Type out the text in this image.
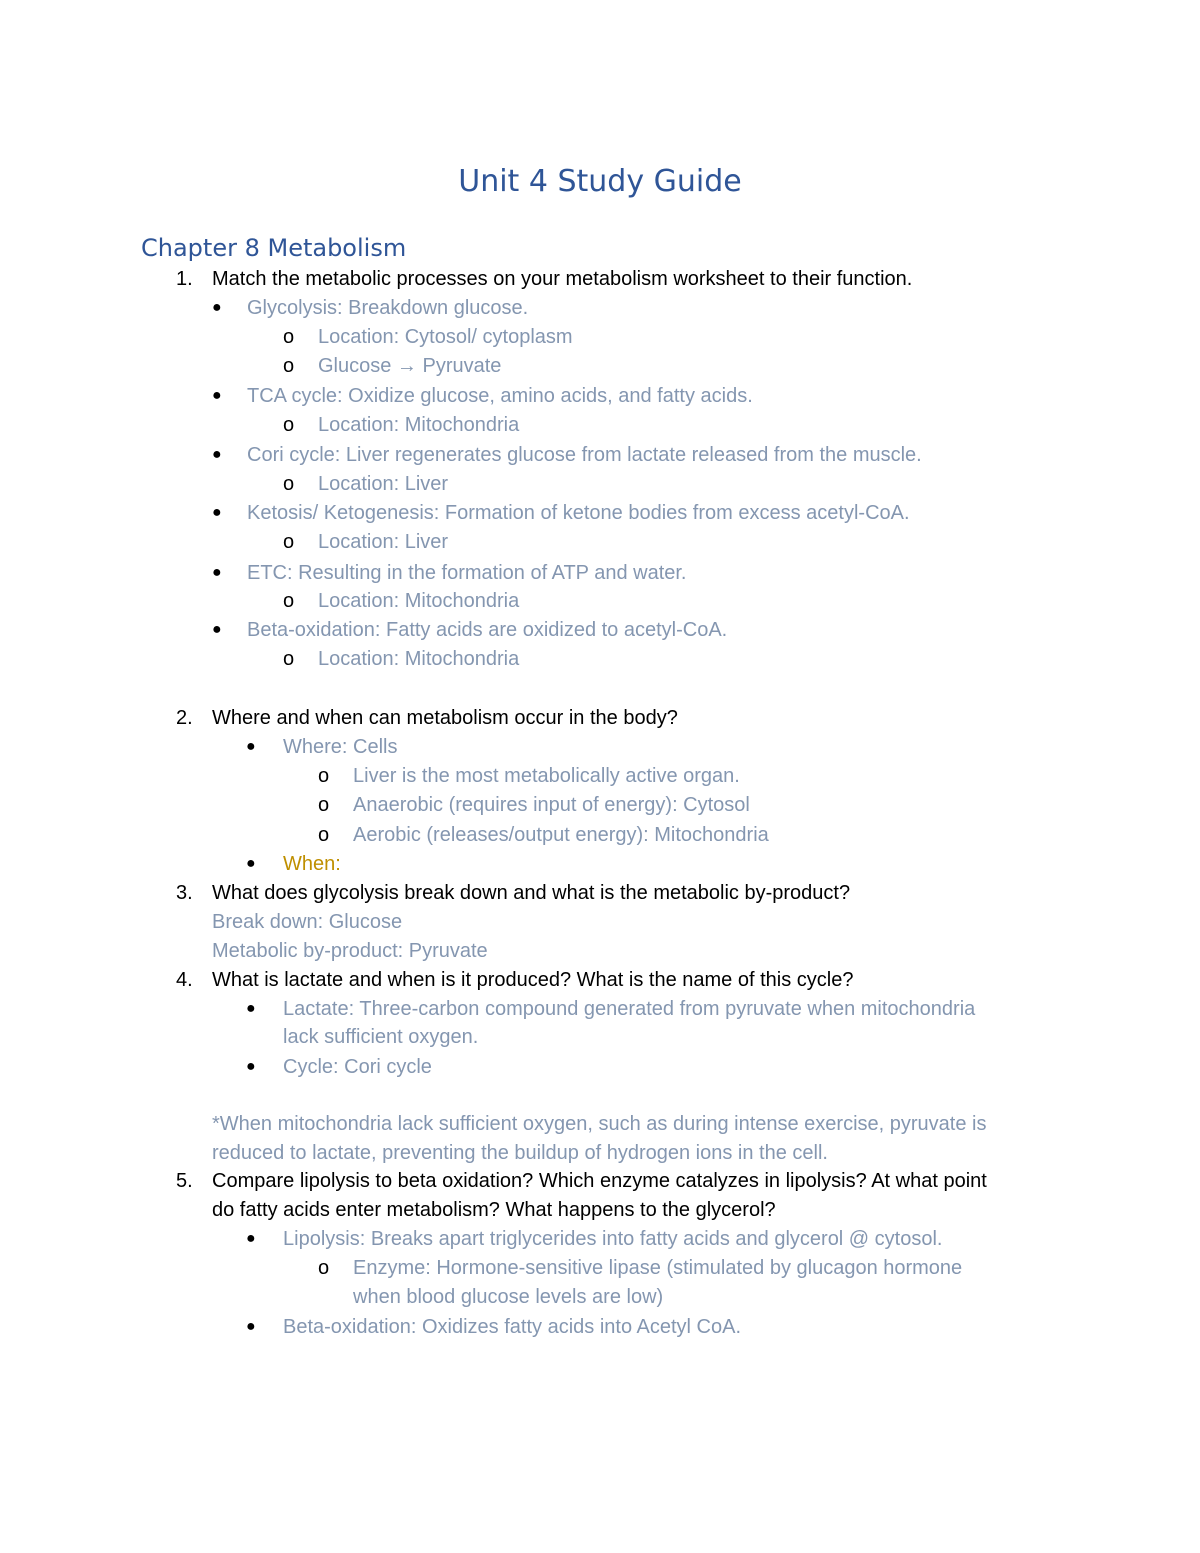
Unit 4 Study Guide
Chapter 8 Metabolism
1. Match the metabolic processes on your metabolism worksheet to their function.
● Glycolysis: Breakdown glucose.
o Location: Cytosol/ cytoplasm
o Glucose → Pyruvate
● TCA cycle: Oxidize glucose, amino acids, and fatty acids.
o Location: Mitochondria
● Cori cycle: Liver regenerates glucose from lactate released from the muscle.
o Location: Liver
● Ketosis/ Ketogenesis: Formation of ketone bodies from excess acetyl-CoA.
o Location: Liver
● ETC: Resulting in the formation of ATP and water.
o Location: Mitochondria
● Beta-oxidation: Fatty acids are oxidized to acetyl-CoA.
o Location: Mitochondria
2. Where and when can metabolism occur in the body?
● Where: Cells
o Liver is the most metabolically active organ.
o Anaerobic (requires input of energy): Cytosol
o Aerobic (releases/output energy): Mitochondria
● When:
3. What does glycolysis break down and what is the metabolic by-product?
Break down: Glucose
Metabolic by-product: Pyruvate
4. What is lactate and when is it produced? What is the name of this cycle?
● Lactate: Three-carbon compound generated from pyruvate when mitochondria
lack sufficient oxygen.
● Cycle: Cori cycle
*When mitochondria lack sufficient oxygen, such as during intense exercise, pyruvate is
reduced to lactate, preventing the buildup of hydrogen ions in the cell.
5. Compare lipolysis to beta oxidation? Which enzyme catalyzes in lipolysis? At what point
do fatty acids enter metabolism? What happens to the glycerol?
● Lipolysis: Breaks apart triglycerides into fatty acids and glycerol @ cytosol.
o Enzyme: Hormone-sensitive lipase (stimulated by glucagon hormone
when blood glucose levels are low)
● Beta-oxidation: Oxidizes fatty acids into Acetyl CoA.
